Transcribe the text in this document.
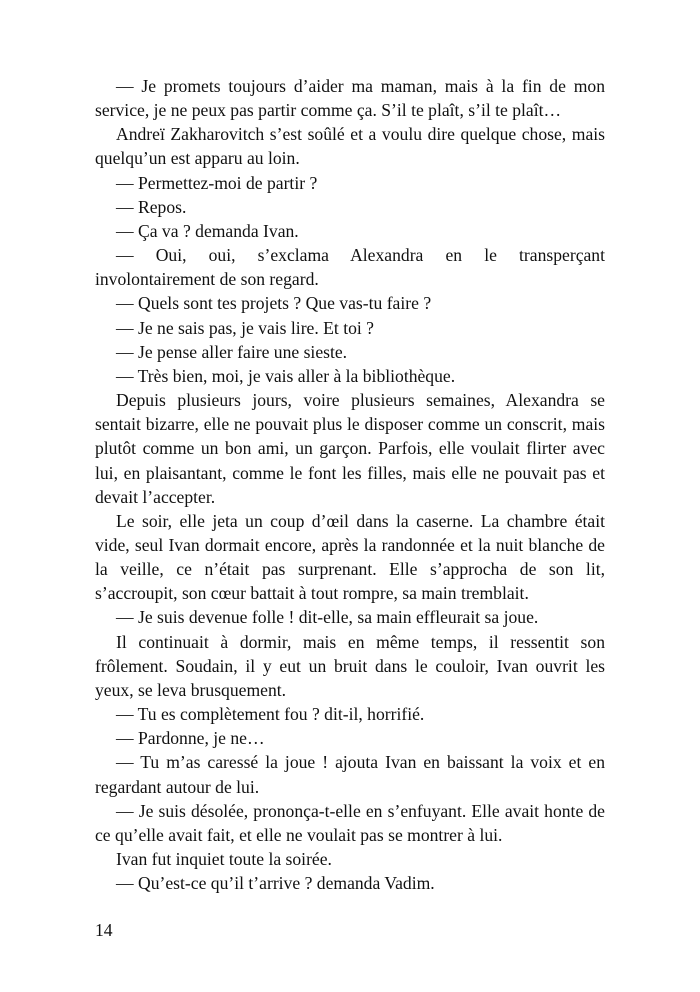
— Je promets toujours d’aider ma maman, mais à la fin de mon service, je ne peux pas partir comme ça. S’il te plaît, s’il te plaît…

Andreï Zakharovitch s’est soûlé et a voulu dire quelque chose, mais quelqu’un est apparu au loin.

— Permettez-moi de partir ?

— Repos.

— Ça va ? demanda Ivan.

— Oui, oui, s’exclama Alexandra en le transperçant involontairement de son regard.

— Quels sont tes projets ? Que vas-tu faire ?

— Je ne sais pas, je vais lire. Et toi ?

— Je pense aller faire une sieste.

— Très bien, moi, je vais aller à la bibliothèque.

Depuis plusieurs jours, voire plusieurs semaines, Alexandra se sentait bizarre, elle ne pouvait plus le disposer comme un conscrit, mais plutôt comme un bon ami, un garçon. Parfois, elle voulait flirter avec lui, en plaisantant, comme le font les filles, mais elle ne pouvait pas et devait l’accepter.

Le soir, elle jeta un coup d’œil dans la caserne. La chambre était vide, seul Ivan dormait encore, après la randonnée et la nuit blanche de la veille, ce n’était pas surprenant. Elle s’approcha de son lit, s’accroupit, son cœur battait à tout rompre, sa main tremblait.

— Je suis devenue folle ! dit-elle, sa main effleurait sa joue.

Il continuait à dormir, mais en même temps, il ressentit son frôlement. Soudain, il y eut un bruit dans le couloir, Ivan ouvrit les yeux, se leva brusquement.

— Tu es complètement fou ? dit-il, horrifié.

— Pardonne, je ne…

— Tu m’as caressé la joue ! ajouta Ivan en baissant la voix et en regardant autour de lui.

— Je suis désolée, prononça-t-elle en s’enfuyant. Elle avait honte de ce qu’elle avait fait, et elle ne voulait pas se montrer à lui.

Ivan fut inquiet toute la soirée.

— Qu’est-ce qu’il t’arrive ? demanda Vadim.

14
